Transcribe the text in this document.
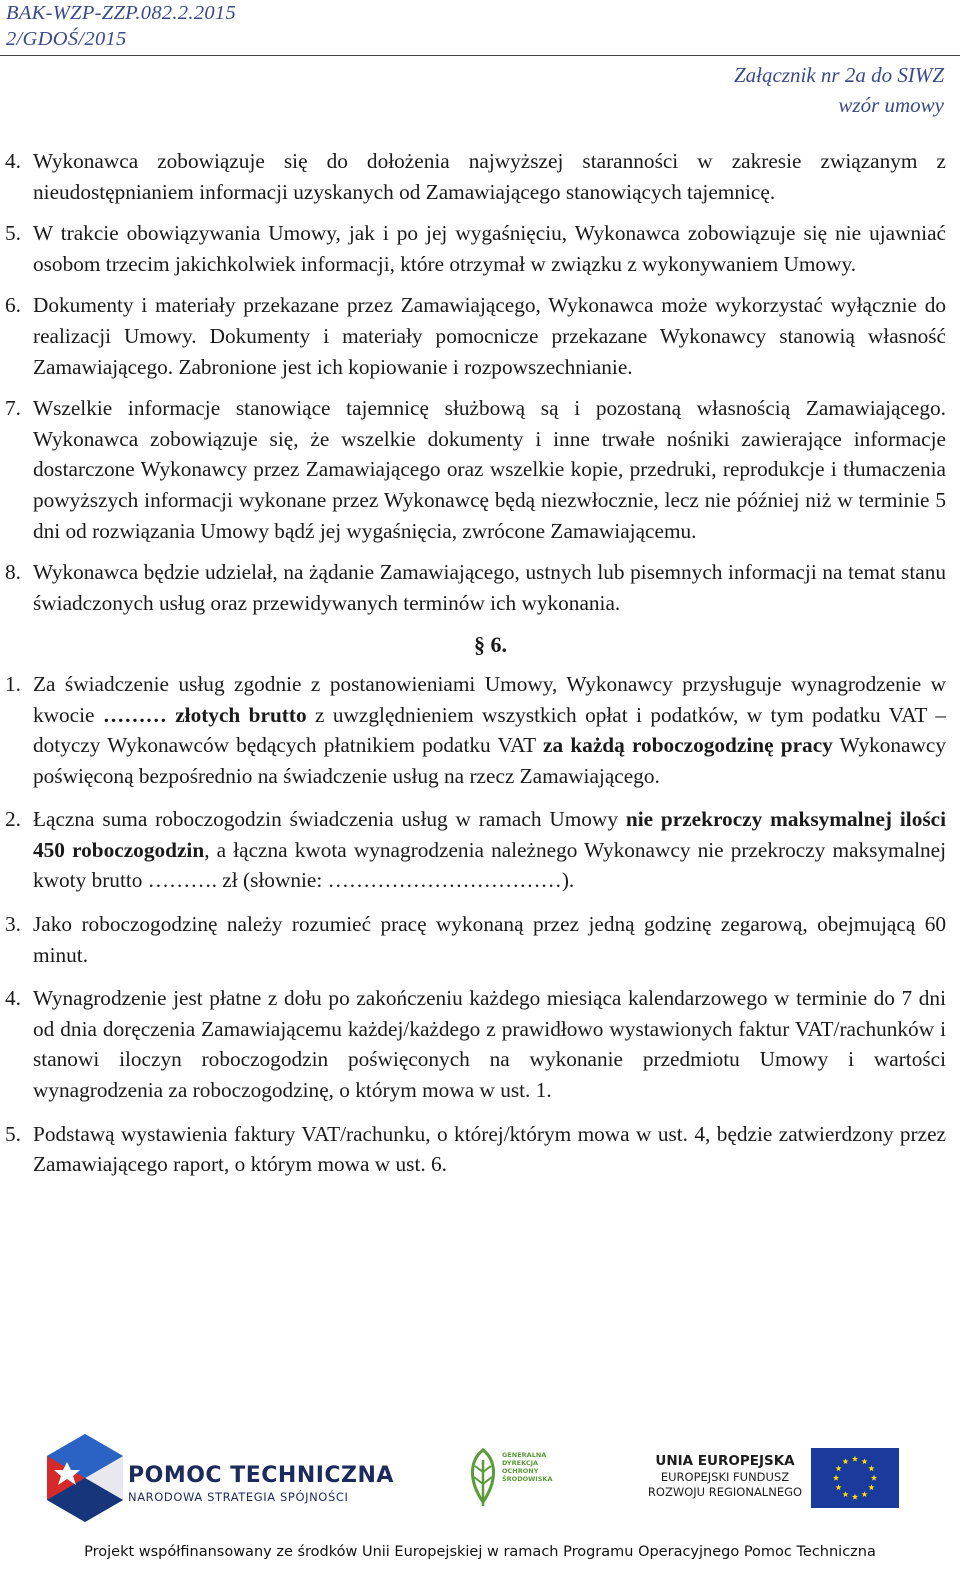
BAK-WZP-ZZP.082.2.2015
2/GDOŚ/2015
Załącznik nr 2a do SIWZ
wzór umowy
4. Wykonawca zobowiązuje się do dołożenia najwyższej staranności w zakresie związanym z nieudostępnianiem informacji uzyskanych od Zamawiającego stanowiących tajemnicę.
5. W trakcie obowiązywania Umowy, jak i po jej wygaśnięciu, Wykonawca zobowiązuje się nie ujawniać osobom trzecim jakichkolwiek informacji, które otrzymał w związku z wykonywaniem Umowy.
6. Dokumenty i materiały przekazane przez Zamawiającego, Wykonawca może wykorzystać wyłącznie do realizacji Umowy. Dokumenty i materiały pomocnicze przekazane Wykonawcy stanowią własność Zamawiającego. Zabronione jest ich kopiowanie i rozpowszechnianie.
7. Wszelkie informacje stanowiące tajemnicę służbową są i pozostaną własnością Zamawiającego. Wykonawca zobowiązuje się, że wszelkie dokumenty i inne trwałe nośniki zawierające informacje dostarczone Wykonawcy przez Zamawiającego oraz wszelkie kopie, przedruki, reprodukcje i tłumaczenia powyższych informacji wykonane przez Wykonawcę będą niezwłocznie, lecz nie później niż w terminie 5 dni od rozwiązania Umowy bądź jej wygaśnięcia, zwrócone Zamawiającemu.
8. Wykonawca będzie udzielał, na żądanie Zamawiającego, ustnych lub pisemnych informacji na temat stanu świadczonych usług oraz przewidywanych terminów ich wykonania.
§ 6.
1. Za świadczenie usług zgodnie z postanowieniami Umowy, Wykonawcy przysługuje wynagrodzenie w kwocie ……… złotych brutto z uwzględnieniem wszystkich opłat i podatków, w tym podatku VAT – dotyczy Wykonawców będących płatnikiem podatku VAT za każdą roboczogodzinę pracy Wykonawcy poświęconą bezpośrednio na świadczenie usług na rzecz Zamawiającego.
2. Łączna suma roboczogodzin świadczenia usług w ramach Umowy nie przekroczy maksymalnej ilości 450 roboczogodzin, a łączna kwota wynagrodzenia należnego Wykonawcy nie przekroczy maksymalnej kwoty brutto ………. zł (słownie: ……………………………).
3. Jako roboczogodzinę należy rozumieć pracę wykonaną przez jedną godzinę zegarową, obejmującą 60 minut.
4. Wynagrodzenie jest płatne z dołu po zakończeniu każdego miesiąca kalendarzowego w terminie do 7 dni od dnia doręczenia Zamawiającemu każdej/każdego z prawidłowo wystawionych faktur VAT/rachunków i stanowi iloczyn roboczogodzin poświęconych na wykonanie przedmiotu Umowy i wartości wynagrodzenia za roboczogodzinę, o którym mowa w ust. 1.
5. Podstawą wystawienia faktury VAT/rachunku, o której/którym mowa w ust. 4, będzie zatwierdzony przez Zamawiającego raport, o którym mowa w ust. 6.
POMOC TECHNICZNA
NARODOWA STRATEGIA SPÓJNOŚCI
GENERALNA
DYREKCJA
OCHRONY
ŚRODOWISKA
UNIA EUROPEJSKA
EUROPEJSKI FUNDUSZ
ROZWOJU REGIONALNEGO
Projekt współfinansowany ze środków Unii Europejskiej w ramach Programu Operacyjnego Pomoc Techniczna
